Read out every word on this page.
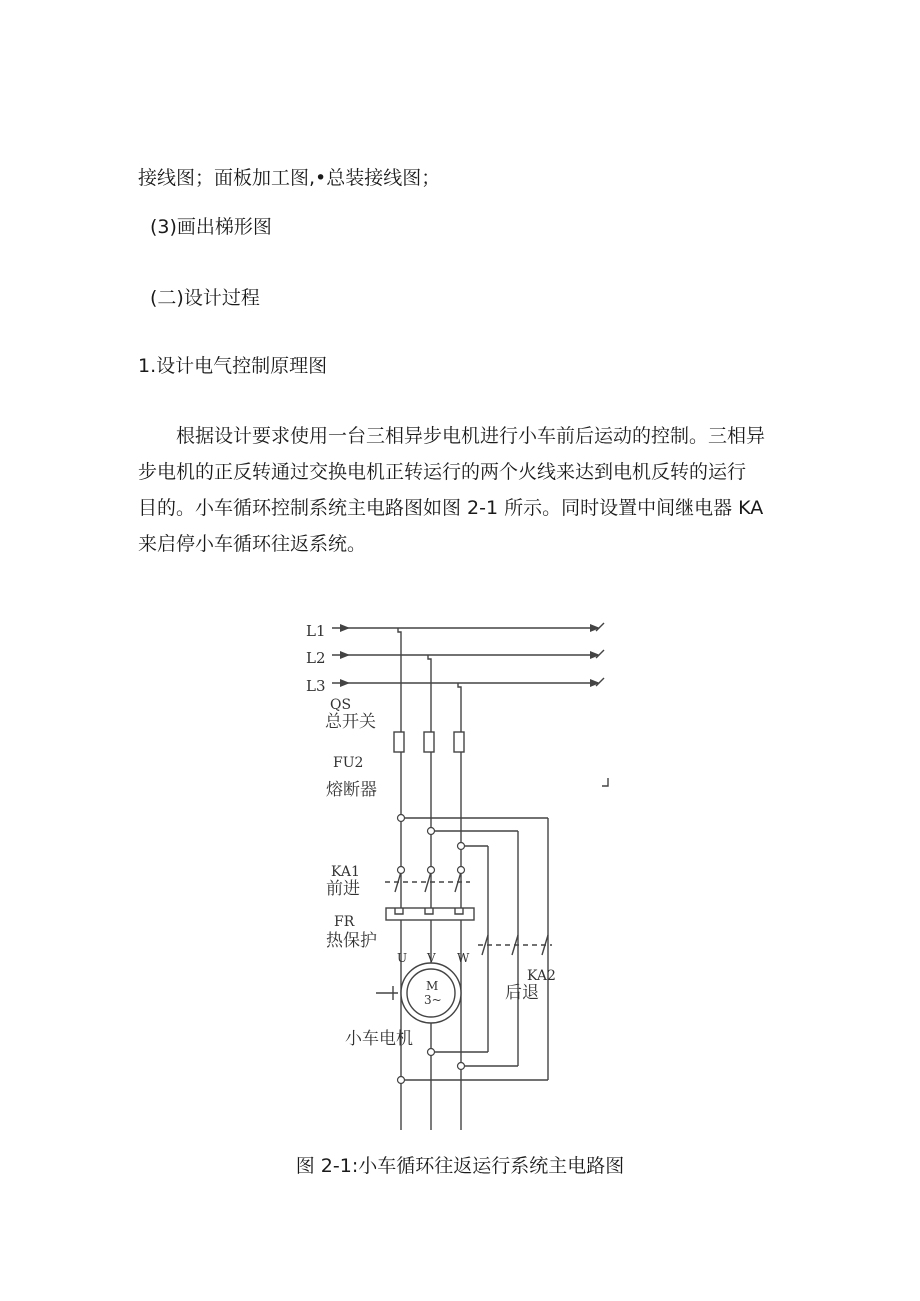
接线图；面板加工图,•总装接线图；
(3)画出梯形图
(二)设计过程
1.设计电气控制原理图
根据设计要求使用一台三相异步电机进行小车前后运动的控制。三相异
步电机的正反转通过交换电机正转运行的两个火线来达到电机反转的运行
目的。小车循环控制系统主电路图如图 2-1 所示。同时设置中间继电器 KA
来启停小车循环往返系统。
L1
L2
L3
QS
总开关
FU2
熔断器
KA1
前进
FR
热保护
U V W
M
3~
KA2
后退
小车电机
图 2-1:小车循环往返运行系统主电路图
